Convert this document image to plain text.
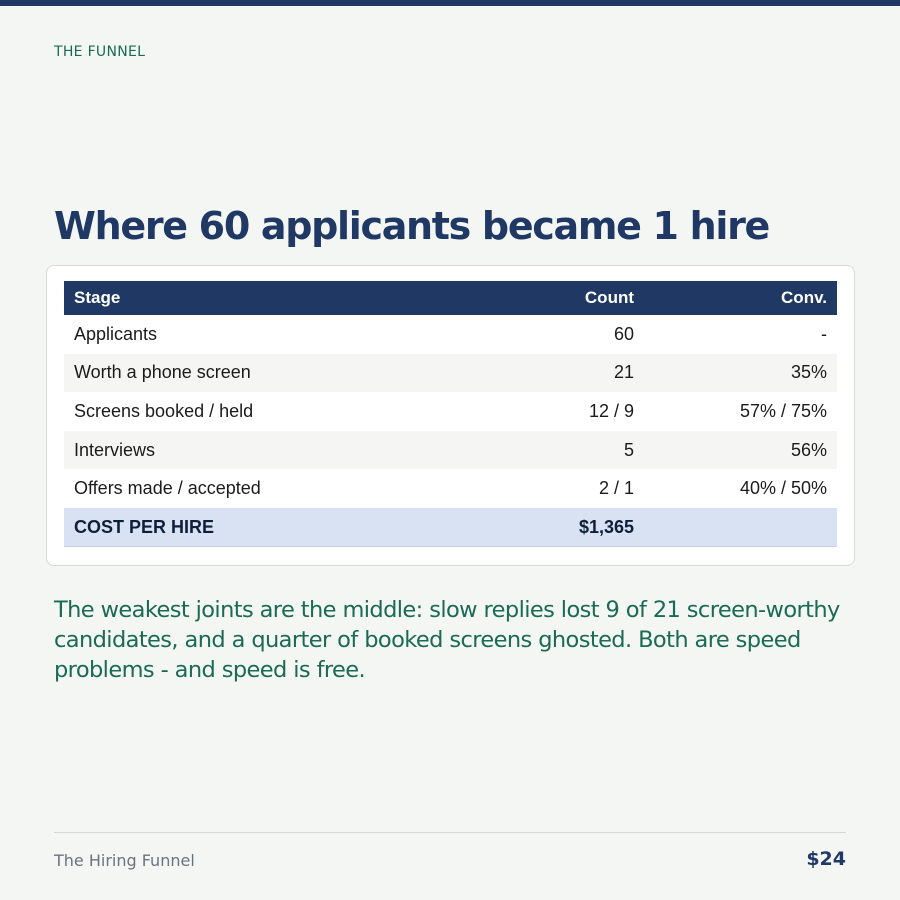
THE FUNNEL
Where 60 applicants became 1 hire
Stage	Count	Conv.
Applicants	60	-
Worth a phone screen	21	35%
Screens booked / held	12 / 9	57% / 75%
Interviews	5	56%
Offers made / accepted	2 / 1	40% / 50%
COST PER HIRE	$1,365	

The weakest joints are the middle: slow replies lost 9 of 21 screen-worthy candidates, and a quarter of booked screens ghosted. Both are speed problems - and speed is free.

The Hiring Funnel	$24
